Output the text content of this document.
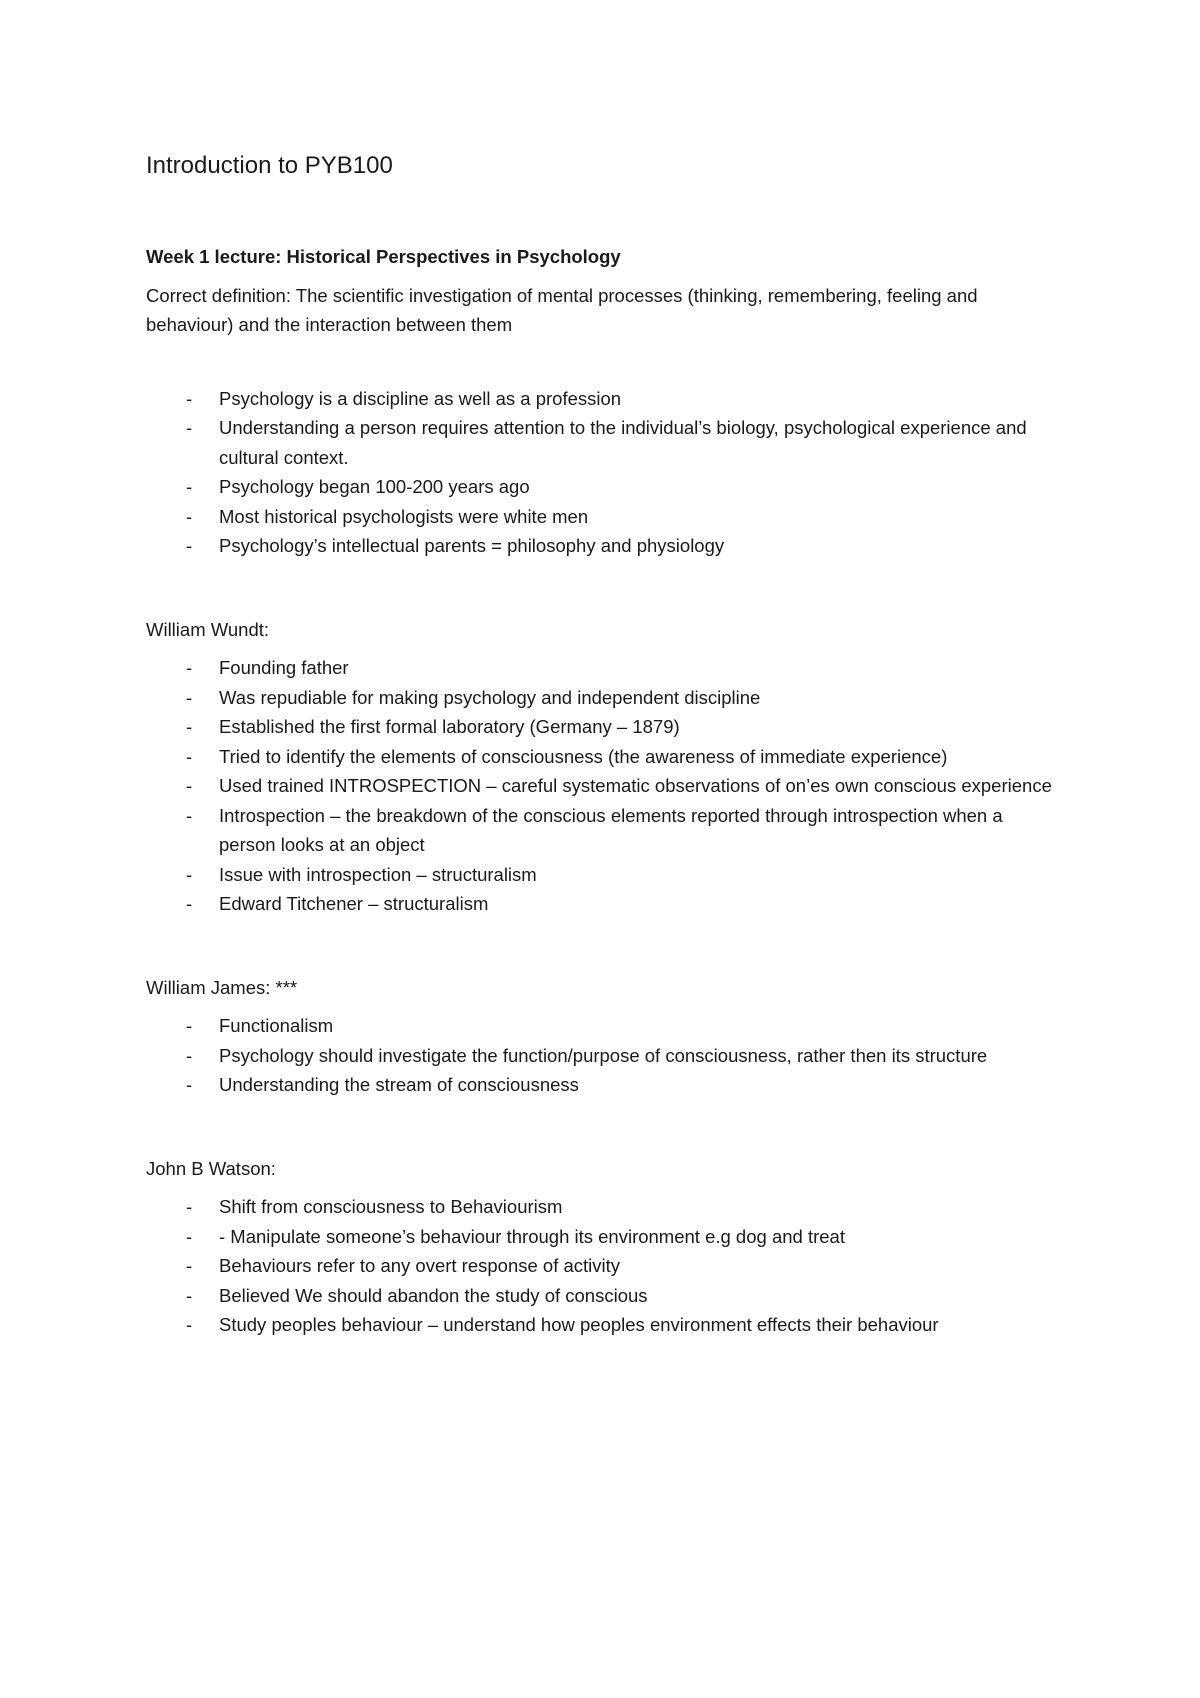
Introduction to PYB100
Week 1 lecture: Historical Perspectives in Psychology
Correct definition: The scientific investigation of mental processes (thinking, remembering, feeling and behaviour) and the interaction between them
- Psychology is a discipline as well as a profession
- Understanding a person requires attention to the individual’s biology, psychological experience and cultural context.
- Psychology began 100-200 years ago
- Most historical psychologists were white men
- Psychology’s intellectual parents = philosophy and physiology
William Wundt:
- Founding father
- Was repudiable for making psychology and independent discipline
- Established the first formal laboratory (Germany – 1879)
- Tried to identify the elements of consciousness (the awareness of immediate experience)
- Used trained INTROSPECTION – careful systematic observations of on’es own conscious experience
- Introspection – the breakdown of the conscious elements reported through introspection when a person looks at an object
- Issue with introspection – structuralism
- Edward Titchener – structuralism
William James: ***
- Functionalism
- Psychology should investigate the function/purpose of consciousness, rather then its structure
- Understanding the stream of consciousness
John B Watson:
- Shift from consciousness to Behaviourism
- - Manipulate someone’s behaviour through its environment e.g dog and treat
- Behaviours refer to any overt response of activity
- Believed We should abandon the study of conscious
- Study peoples behaviour – understand how peoples environment effects their behaviour
